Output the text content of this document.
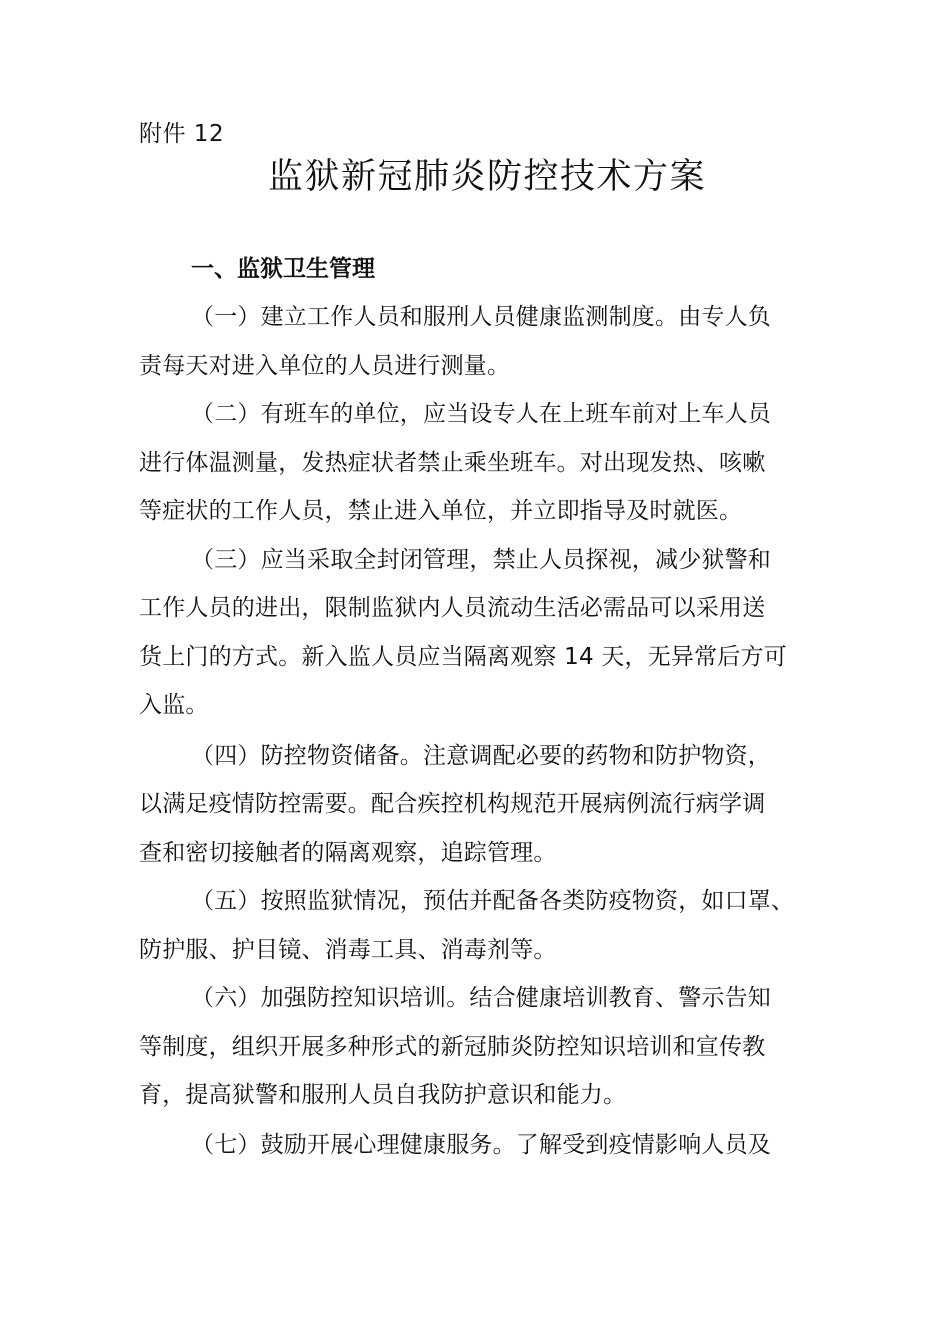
附件 12
监狱新冠肺炎防控技术方案
一、监狱卫生管理

（一）建立工作人员和服刑人员健康监测制度。由专人负
责每天对进入单位的人员进行测量。

（二）有班车的单位，应当设专人在上班车前对上车人员
进行体温测量，发热症状者禁止乘坐班车。对出现发热、咳嗽
等症状的工作人员，禁止进入单位，并立即指导及时就医。

（三）应当采取全封闭管理，禁止人员探视，减少狱警和
工作人员的进出，限制监狱内人员流动生活必需品可以采用送
货上门的方式。新入监人员应当隔离观察 14 天，无异常后方可
入监。

（四）防控物资储备。注意调配必要的药物和防护物资，
以满足疫情防控需要。配合疾控机构规范开展病例流行病学调
查和密切接触者的隔离观察，追踪管理。

（五）按照监狱情况，预估并配备各类防疫物资，如口罩、
防护服、护目镜、消毒工具、消毒剂等。

（六）加强防控知识培训。结合健康培训教育、警示告知
等制度，组织开展多种形式的新冠肺炎防控知识培训和宣传教
育，提高狱警和服刑人员自我防护意识和能力。

（七）鼓励开展心理健康服务。了解受到疫情影响人员及
